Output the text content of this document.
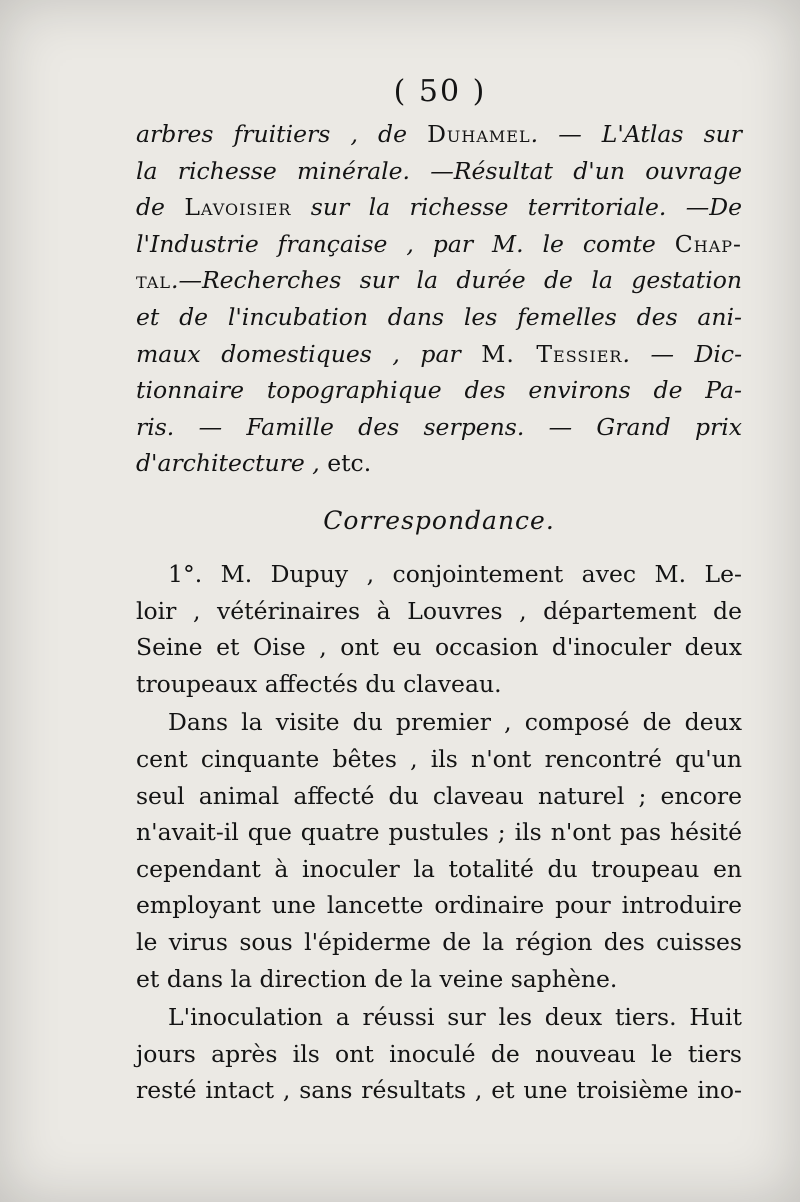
( 50 )

arbres fruitiers , de Duhamel. — L'Atlas sur
la richesse minérale. —Résultat d'un ouvrage
de Lavoisier sur la richesse territoriale. —De
l'Industrie française , par M. le comte Chap-
tal.—Recherches sur la durée de la gestation
et de l'incubation dans les femelles des ani-
maux domestiques , par M. Tessier. — Dic-
tionnaire topographique des environs de Pa-
ris. — Famille des serpens. — Grand prix
d'architecture , etc.

Correspondance.

1°. M. Dupuy , conjointement avec M. Le-
loir , vétérinaires à Louvres , département de
Seine et Oise , ont eu occasion d'inoculer deux
troupeaux affectés du claveau.

Dans la visite du premier , composé de deux
cent cinquante bêtes , ils n'ont rencontré qu'un
seul animal affecté du claveau naturel ; encore
n'avait-il que quatre pustules ; ils n'ont pas hésité
cependant à inoculer la totalité du troupeau en
employant une lancette ordinaire pour introduire
le virus sous l'épiderme de la région des cuisses
et dans la direction de la veine saphène.

L'inoculation a réussi sur les deux tiers. Huit
jours après ils ont inoculé de nouveau le tiers
resté intact , sans résultats , et une troisième ino-
